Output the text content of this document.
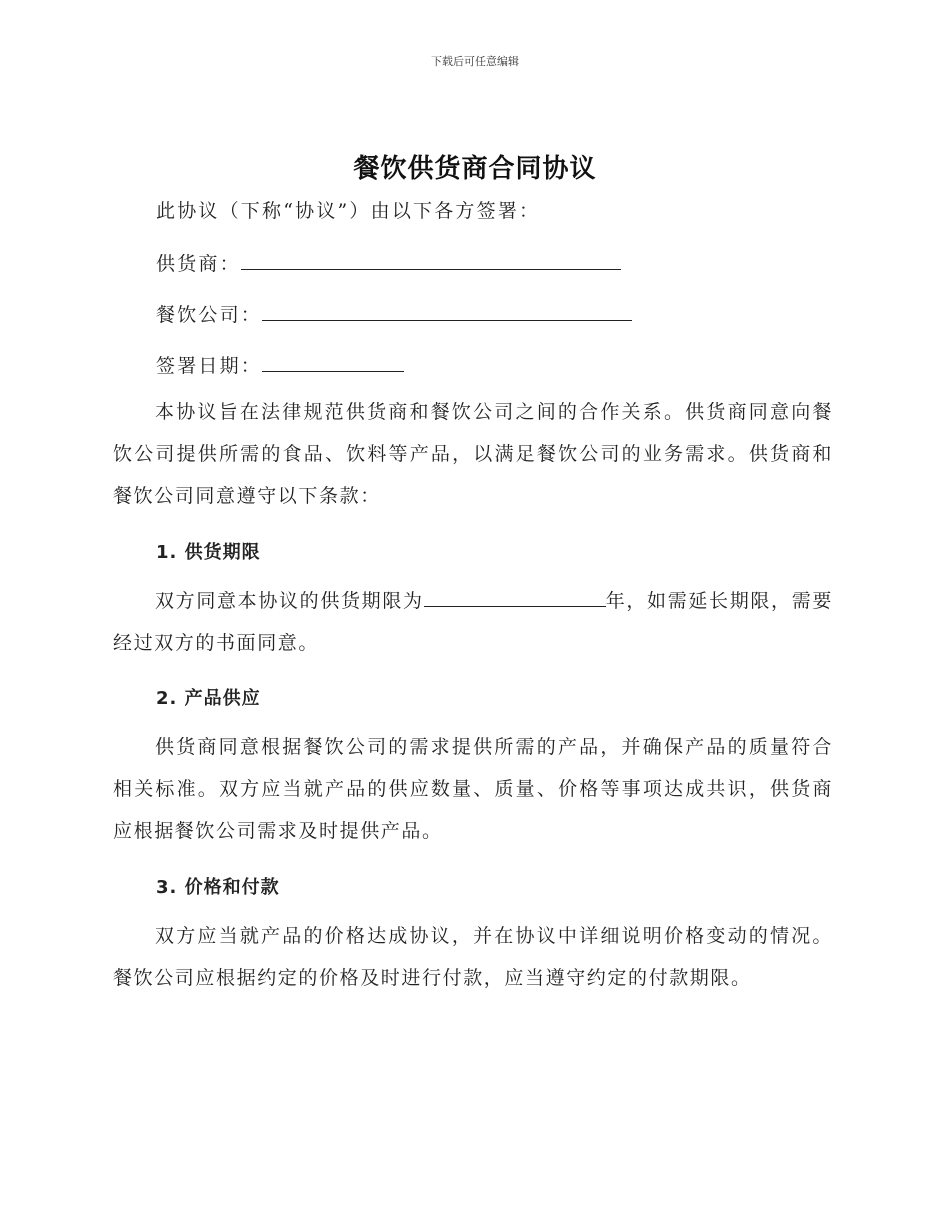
下载后可任意编辑
餐饮供货商合同协议
此协议（下称“协议”）由以下各方签署：
供货商：
餐饮公司：
签署日期：

本协议旨在法律规范供货商和餐饮公司之间的合作关系。供货商同意向餐饮公司提供所需的食品、饮料等产品，以满足餐饮公司的业务需求。供货商和餐饮公司同意遵守以下条款：

1. 供货期限

双方同意本协议的供货期限为	年，如需延长期限，需要经过双方的书面同意。

2. 产品供应

供货商同意根据餐饮公司的需求提供所需的产品，并确保产品的质量符合相关标准。双方应当就产品的供应数量、质量、价格等事项达成共识，供货商应根据餐饮公司需求及时提供产品。

3. 价格和付款

双方应当就产品的价格达成协议，并在协议中详细说明价格变动的情况。餐饮公司应根据约定的价格及时进行付款，应当遵守约定的付款期限。
